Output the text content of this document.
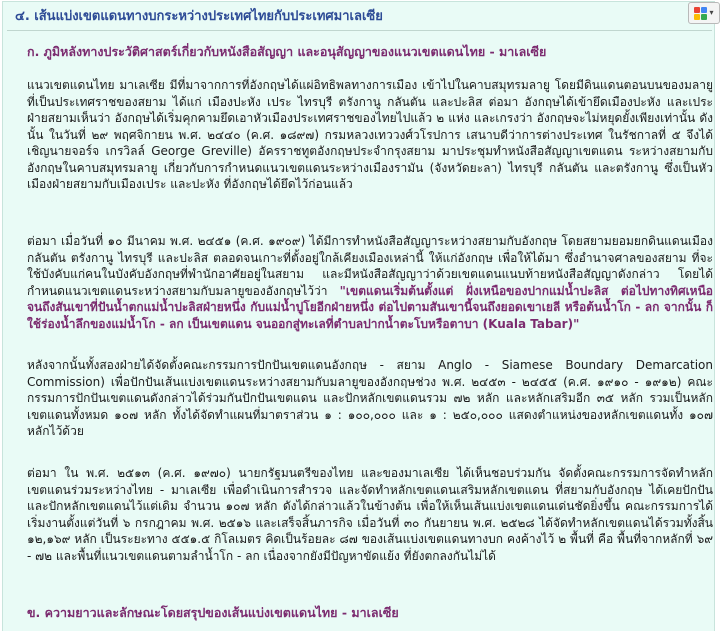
๔. เส้นแบ่งเขตแดนทางบกระหว่างประเทศไทยกับประเทศมาเลเซีย
ก. ภูมิหลังทางประวัติศาสตร์เกี่ยวกับหนังสือสัญญา และอนุสัญญาของแนวเขตแดนไทย - มาเลเซีย

แนวเขตแดนไทย มาเลเซีย มีที่มาจากการที่อังกฤษได้แผ่อิทธิพลทางการเมือง เข้าไปในคาบสมุทรมลายู โดยมีดินแดนตอนบนของมลายูที่เป็นประเทศราชของสยาม ได้แก่ เมืองปะหัง เประ ไทรบุรี ตรังกานู กลันตัน และปะลิส ต่อมา อังกฤษได้เข้ายึดเมืองปะหัง และเประ ฝ่ายสยามเห็นว่า อังกฤษได้เริ่มคุกคามยึดเอาหัวเมืองประเทศราชของไทยไปแล้ว ๒ แห่ง และเกรงว่า อังกฤษจะไม่หยุดยั้งเพียงเท่านั้น ดังนั้น ในวันที่ ๒๙ พฤศจิกายน พ.ศ. ๒๔๔๐ (ค.ศ. ๑๘๙๗) กรมหลวงเทววงศ์วโรปการ เสนาบดีว่าการต่างประเทศ ในรัชกาลที่ ๕ จึงได้เชิญนายจอร์จ เกรวิลล์ George Greville) อัครราชทูตอังกฤษประจำกรุงสยาม มาประชุมทำหนังสือสัญญาเขตแดน ระหว่างสยามกับอังกฤษในคาบสมุทรมลายู เกี่ยวกับการกำหนดแนวเขตแดนระหว่างเมืองรามัน (จังหวัดยะลา) ไทรบุรี กลันตัน และตรังกานู ซึ่งเป็นหัวเมืองฝ่ายสยามกับเมืองเประ และปะหัง ที่อังกฤษได้ยึดไว้ก่อนแล้ว

ต่อมา เมื่อวันที่ ๑๐ มีนาคม พ.ศ. ๒๔๕๑ (ค.ศ. ๑๙๐๙) ได้มีการทำหนังสือสัญญาระหว่างสยามกับอังกฤษ โดยสยามยอมยกดินแดนเมืองกลันตัน ตรังกานู ไทรบุรี และปะลิส ตลอดจนเกาะที่ตั้งอยู่ใกล้เคียงเมืองเหล่านี้ ให้แก่อังกฤษ เพื่อให้ได้มา ซึ่งอำนาจศาลของสยาม ที่จะใช้บังคับแก่คนในบังคับอังกฤษที่พำนักอาศัยอยู่ในสยาม และมีหนังสือสัญญาว่าด้วยเขตแดนแนบท้ายหนังสือสัญญาดังกล่าว โดยได้กำหนดแนวเขตแดนระหว่างสยามกับมลายูของอังกฤษไว้ว่า "เขตแดนเริ่มต้นตั้งแต่ ฝั่งเหนือของปากแม่น้ำปะลิส ต่อไปทางทิศเหนือจนถึงสันเขาที่ปันน้ำตกแม่น้ำปะลิสฝ่ายหนึ่ง กับแม่น้ำปูโยอีกฝ่ายหนึ่ง ต่อไปตามสันเขานี้จนถึงยอดเขาเยลี หรือต้นน้ำโก - ลก จากนั้น ก็ใช้ร่องน้ำลึกของแม่น้ำโก - ลก เป็นเขตแดน จนออกสู่ทะเลที่ตำบลปากน้ำตะโบหรือตาบา (Kuala Tabar)"

หลังจากนั้นทั้งสองฝ่ายได้จัดตั้งคณะกรรมการปักปันเขตแดนอังกฤษ - สยาม Anglo - Siamese Boundary Demarcation Commission) เพื่อปักปันเส้นแบ่งเขตแดนระหว่างสยามกับมลายูของอังกฤษช่วง พ.ศ. ๒๔๕๓ - ๒๔๕๕ (ค.ศ. ๑๙๑๐ - ๑๙๑๒) คณะกรรมการปักปันเขตแดนดังกล่าวได้ร่วมกันปักปันเขตแดน และปักหลักเขตแดนรวม ๗๒ หลัก และหลักเสริมอีก ๓๕ หลัก รวมเป็นหลักเขตแดนทั้งหมด ๑๐๗ หลัก ทั้งได้จัดทำแผนที่มาตราส่วน ๑ : ๑๐๐,๐๐๐ และ ๑ : ๒๕๐,๐๐๐ แสดงตำแหน่งของหลักเขตแดนทั้ง ๑๐๗ หลักไว้ด้วย

ต่อมา ใน พ.ศ. ๒๕๑๓ (ค.ศ. ๑๙๗๐) นายกรัฐมนตรีของไทย และของมาเลเซีย ได้เห็นชอบร่วมกัน จัดตั้งคณะกรรมการจัดทำหลักเขตแดนร่วมระหว่างไทย - มาเลเซีย เพื่อดำเนินการสำรวจ และจัดทำหลักเขตแดนเสริมหลักเขตแดน ที่สยามกับอังกฤษ ได้เคยปักปัน และปักหลักเขตแดนไว้แต่เดิม จำนวน ๑๐๗ หลัก ดังได้กล่าวแล้วในข้างต้น เพื่อให้เห็นเส้นแบ่งเขตแดนเด่นชัดยิ่งขึ้น คณะกรรมการได้เริ่มงานตั้งแต่วันที่ ๖ กรกฎาคม พ.ศ. ๒๕๑๖ และเสร็จสิ้นภารกิจ เมื่อวันที่ ๓๐ กันยายน พ.ศ. ๒๕๒๘ ได้จัดทำหลักเขตแดนได้รวมทั้งสิ้น ๑๒,๑๖๙ หลัก เป็นระยะทาง ๕๕๑.๕ กิโลเมตร คิดเป็นร้อยละ ๘๗ ของเส้นแบ่งเขตแดนทางบก คงค้างไว้ ๒ พื้นที่ คือ พื้นที่จากหลักที่ ๖๙ - ๗๒ และพื้นที่แนวเขตแดนตามลำน้ำโก - ลก เนื่องจากยังมีปัญหาขัดแย้ง ที่ยังตกลงกันไม่ได้

ข. ความยาวและลักษณะโดยสรุปของเส้นแบ่งเขตแดนไทย - มาเลเซีย
▾
